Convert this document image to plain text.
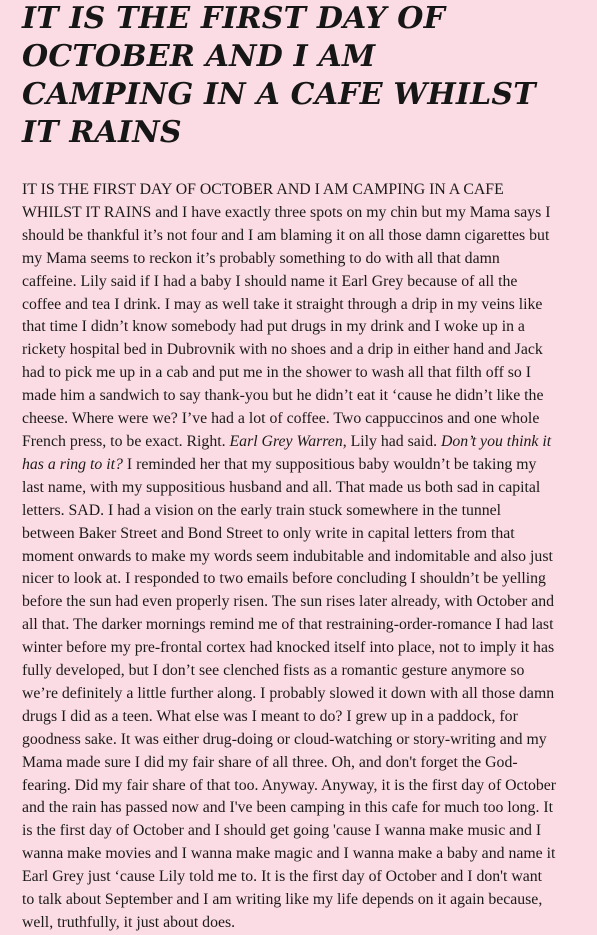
IT IS THE FIRST DAY OF OCTOBER AND I AM CAMPING IN A CAFE WHILST IT RAINS

IT IS THE FIRST DAY OF OCTOBER AND I AM CAMPING IN A CAFE WHILST IT RAINS and I have exactly three spots on my chin but my Mama says I should be thankful it’s not four and I am blaming it on all those damn cigarettes but my Mama seems to reckon it’s probably something to do with all that damn caffeine. Lily said if I had a baby I should name it Earl Grey because of all the coffee and tea I drink. I may as well take it straight through a drip in my veins like that time I didn’t know somebody had put drugs in my drink and I woke up in a rickety hospital bed in Dubrovnik with no shoes and a drip in either hand and Jack had to pick me up in a cab and put me in the shower to wash all that filth off so I made him a sandwich to say thank-you but he didn’t eat it ‘cause he didn’t like the cheese. Where were we? I’ve had a lot of coffee. Two cappuccinos and one whole French press, to be exact. Right. Earl Grey Warren, Lily had said. Don’t you think it has a ring to it? I reminded her that my suppositious baby wouldn’t be taking my last name, with my suppositious husband and all. That made us both sad in capital letters. SAD. I had a vision on the early train stuck somewhere in the tunnel between Baker Street and Bond Street to only write in capital letters from that moment onwards to make my words seem indubitable and indomitable and also just nicer to look at. I responded to two emails before concluding I shouldn’t be yelling before the sun had even properly risen. The sun rises later already, with October and all that. The darker mornings remind me of that restraining-order-romance I had last winter before my pre-frontal cortex had knocked itself into place, not to imply it has fully developed, but I don’t see clenched fists as a romantic gesture anymore so we’re definitely a little further along. I probably slowed it down with all those damn drugs I did as a teen. What else was I meant to do? I grew up in a paddock, for goodness sake. It was either drug-doing or cloud-watching or story-writing and my Mama made sure I did my fair share of all three. Oh, and don't forget the God-fearing. Did my fair share of that too. Anyway. Anyway, it is the first day of October and the rain has passed now and I've been camping in this cafe for much too long. It is the first day of October and I should get going 'cause I wanna make music and I wanna make movies and I wanna make magic and I wanna make a baby and name it Earl Grey just ‘cause Lily told me to. It is the first day of October and I don't want to talk about September and I am writing like my life depends on it again because, well, truthfully, it just about does.
